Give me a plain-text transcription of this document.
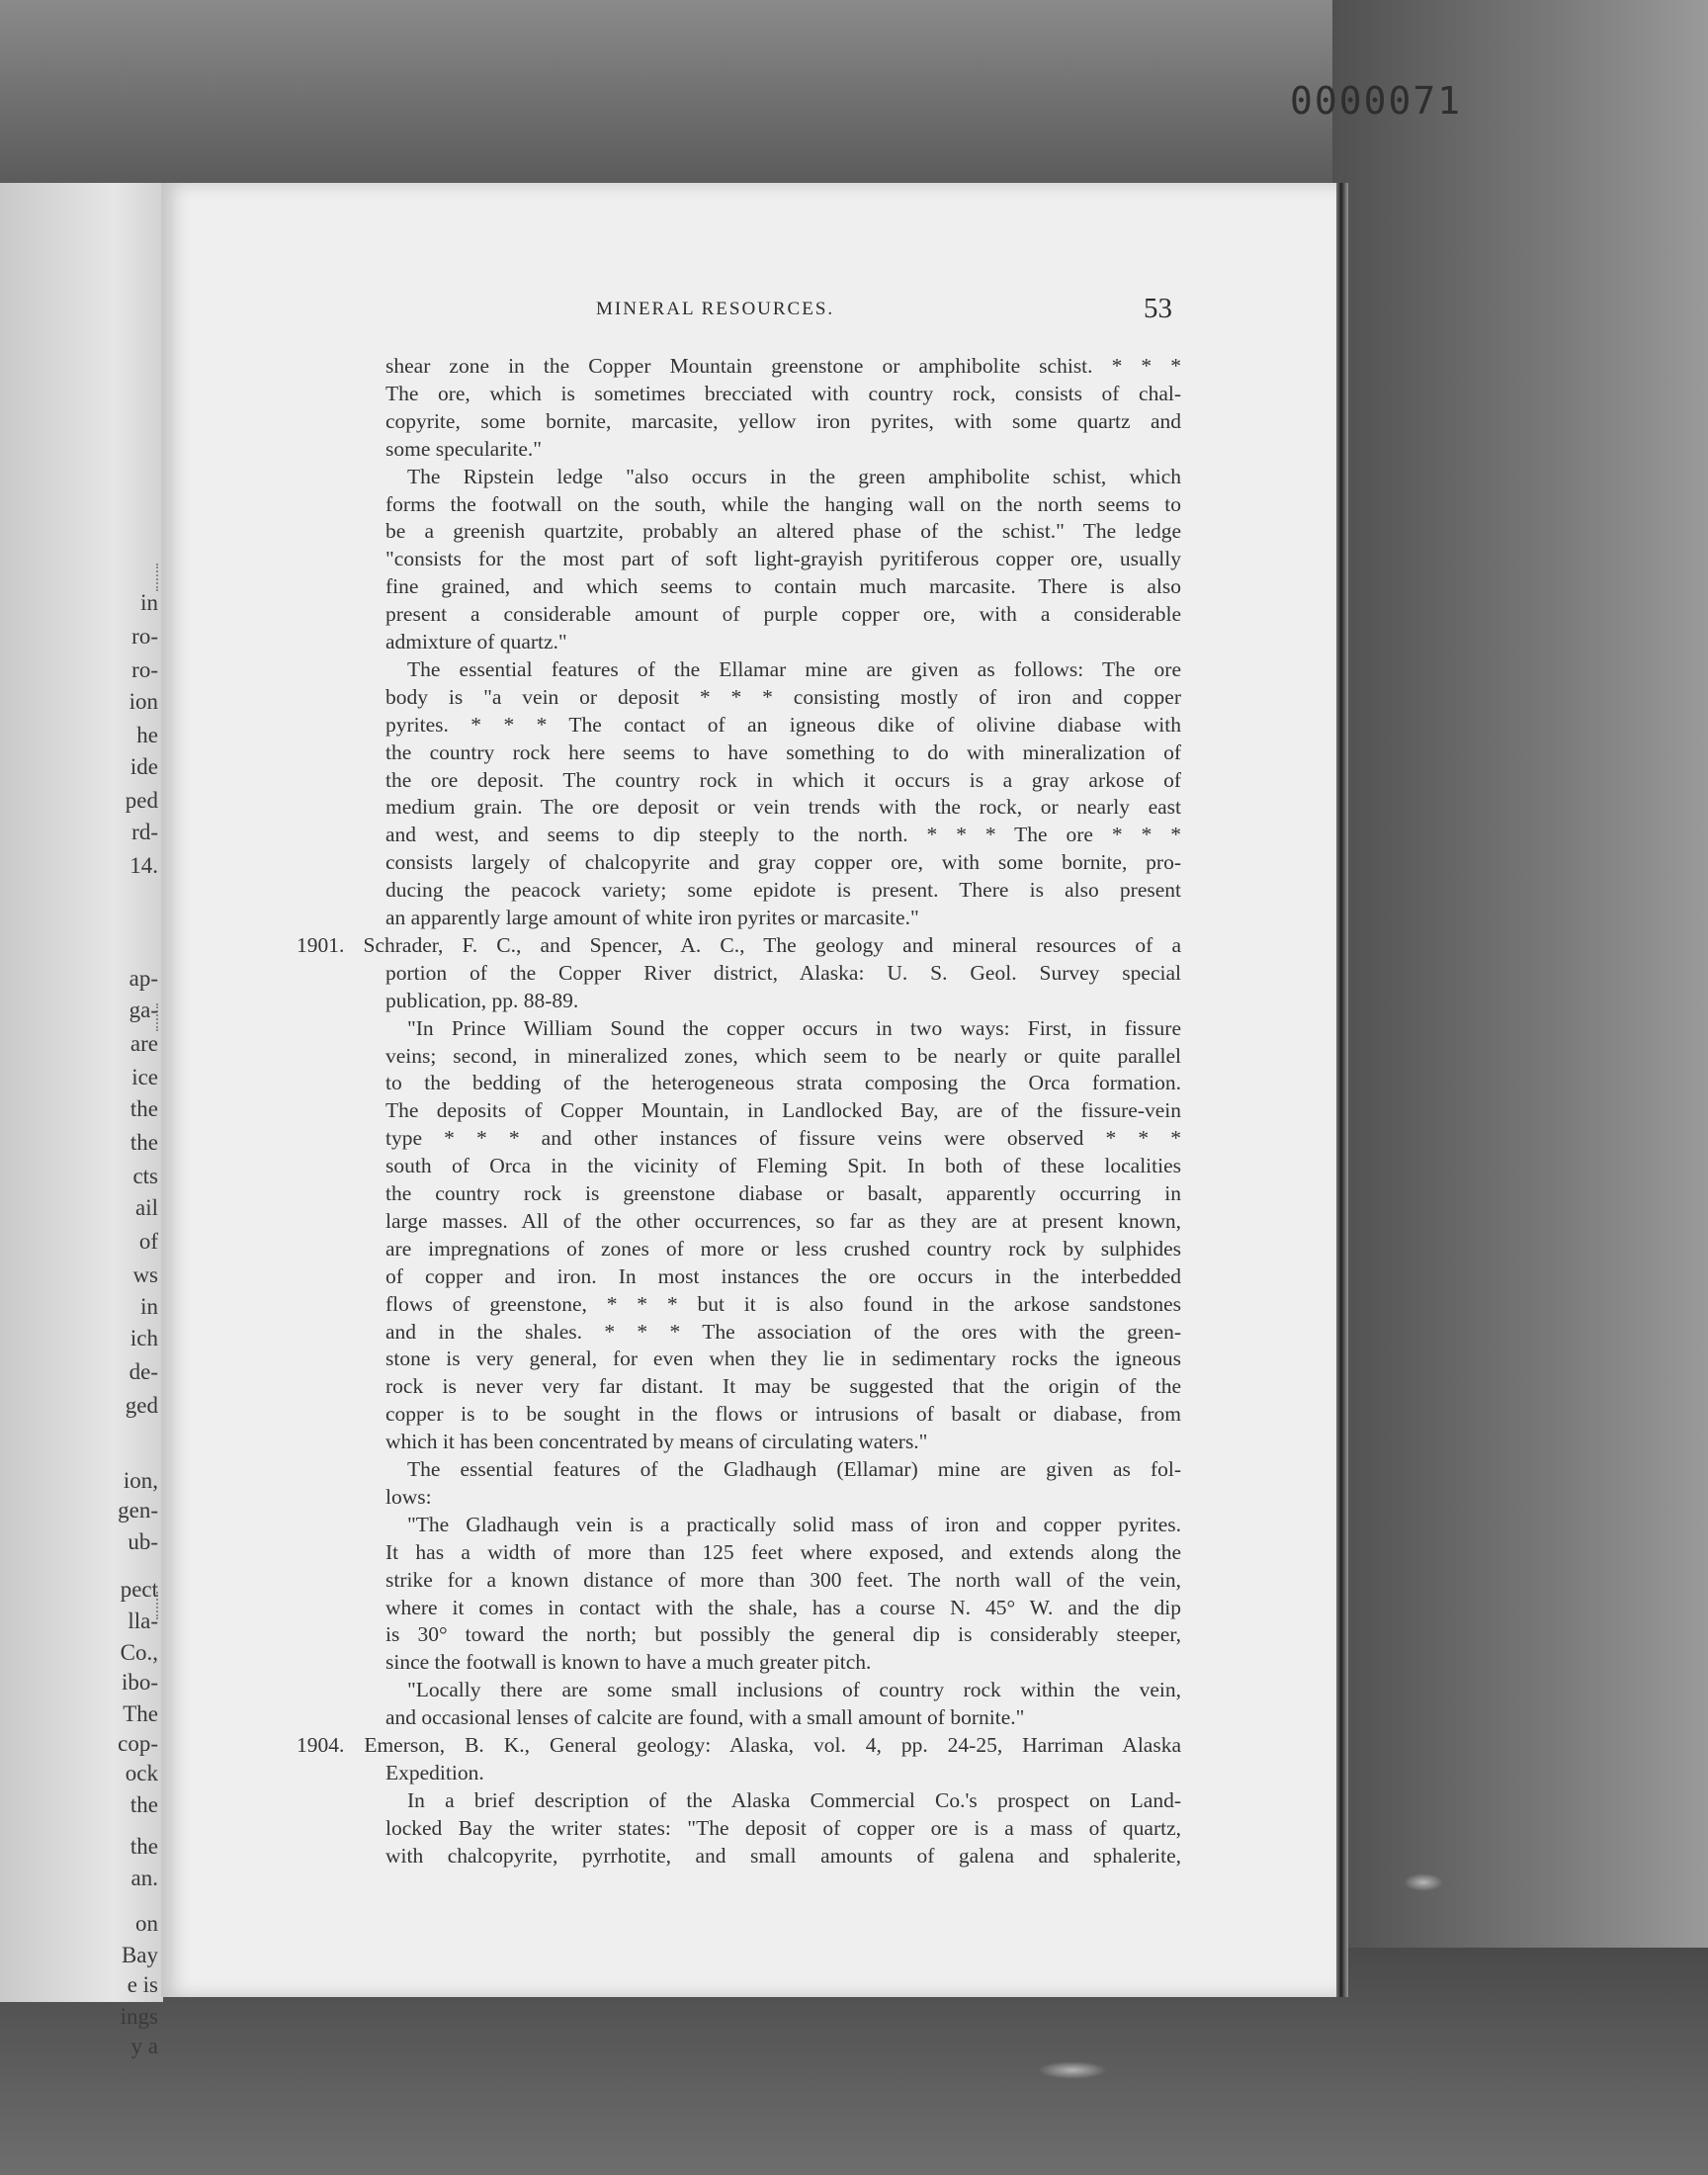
0000071
in
ro-
ro-
ion
he
ide
ped
rd-
14.
ap-
ga-
are
ice
the
the
cts
ail
of
ws
in
ich
de-
ged
ion,
gen-
ub-
pect
lla-
Co.,
ibo-
The
cop-
ock
the
the
an.
on
Bay
e is
ings
y a
MINERAL RESOURCES.	53
shear zone in the Copper Mountain greenstone or amphibolite schist. * * *
The ore, which is sometimes brecciated with country rock, consists of chal-
copyrite, some bornite, marcasite, yellow iron pyrites, with some quartz and
some specularite."
The Ripstein ledge "also occurs in the green amphibolite schist, which
forms the footwall on the south, while the hanging wall on the north seems to
be a greenish quartzite, probably an altered phase of the schist." The ledge
"consists for the most part of soft light-grayish pyritiferous copper ore, usually
fine grained, and which seems to contain much marcasite. There is also
present a considerable amount of purple copper ore, with a considerable
admixture of quartz."
The essential features of the Ellamar mine are given as follows: The ore
body is "a vein or deposit * * * consisting mostly of iron and copper
pyrites. * * * The contact of an igneous dike of olivine diabase with
the country rock here seems to have something to do with mineralization of
the ore deposit. The country rock in which it occurs is a gray arkose of
medium grain. The ore deposit or vein trends with the rock, or nearly east
and west, and seems to dip steeply to the north. * * * The ore * * *
consists largely of chalcopyrite and gray copper ore, with some bornite, pro-
ducing the peacock variety; some epidote is present. There is also present
an apparently large amount of white iron pyrites or marcasite."
1901. Schrader, F. C., and Spencer, A. C., The geology and mineral resources of a
portion of the Copper River district, Alaska: U. S. Geol. Survey special
publication, pp. 88-89.
"In Prince William Sound the copper occurs in two ways: First, in fissure
veins; second, in mineralized zones, which seem to be nearly or quite parallel
to the bedding of the heterogeneous strata composing the Orca formation.
The deposits of Copper Mountain, in Landlocked Bay, are of the fissure-vein
type * * * and other instances of fissure veins were observed * * *
south of Orca in the vicinity of Fleming Spit. In both of these localities
the country rock is greenstone diabase or basalt, apparently occurring in
large masses. All of the other occurrences, so far as they are at present known,
are impregnations of zones of more or less crushed country rock by sulphides
of copper and iron. In most instances the ore occurs in the interbedded
flows of greenstone, * * * but it is also found in the arkose sandstones
and in the shales. * * * The association of the ores with the green-
stone is very general, for even when they lie in sedimentary rocks the igneous
rock is never very far distant. It may be suggested that the origin of the
copper is to be sought in the flows or intrusions of basalt or diabase, from
which it has been concentrated by means of circulating waters."
The essential features of the Gladhaugh (Ellamar) mine are given as fol-
lows:
"The Gladhaugh vein is a practically solid mass of iron and copper pyrites.
It has a width of more than 125 feet where exposed, and extends along the
strike for a known distance of more than 300 feet. The north wall of the vein,
where it comes in contact with the shale, has a course N. 45° W. and the dip
is 30° toward the north; but possibly the general dip is considerably steeper,
since the footwall is known to have a much greater pitch.
"Locally there are some small inclusions of country rock within the vein,
and occasional lenses of calcite are found, with a small amount of bornite."
1904. Emerson, B. K., General geology: Alaska, vol. 4, pp. 24-25, Harriman Alaska
Expedition.
In a brief description of the Alaska Commercial Co.'s prospect on Land-
locked Bay the writer states: "The deposit of copper ore is a mass of quartz,
with chalcopyrite, pyrrhotite, and small amounts of galena and sphalerite,
